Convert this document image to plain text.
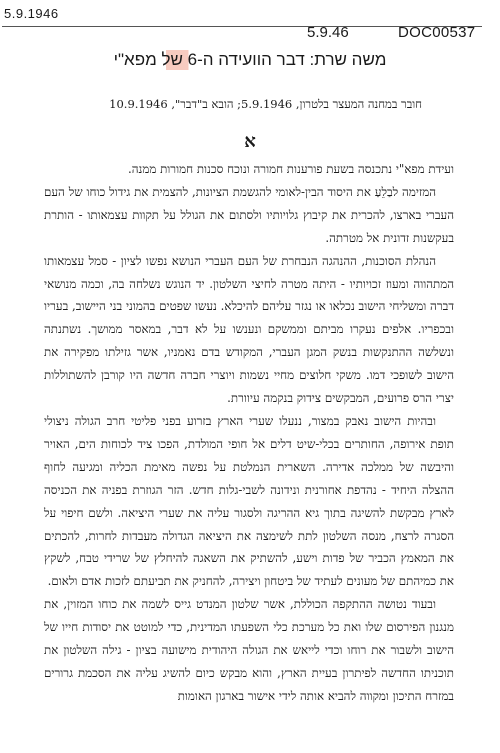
5.9.1946
5.9.46	DOC00537
משה שרת: דבר הוועידה ה-6 של מפא"י
חובר במחנה המעצר בלטרון, 5.9.1946; הובא ב"דבר", 10.9.1946
א

ועידת מפא"י נתכנסה בשעת פורענות חמורה ונוכח סכנות חמורות ממנה.

המזימה לבַלֵעַ את היסוד הבין-לאומי להגשמת הציונות, להצמית את גידול כוחו של העם העברי בארצו, להכרית את קיבוץ גלויותיו ולסתום את הגולל על תקוות עצמאותו - הותרת בעקשנות זדונית אל מטרתה.

הנהלת הסוכנות, ההנהגה הנבחרת של העם העברי הנושא נפשו לציון - סמל עצמאותו המתהווה ומעוז זכויותיו - היתה מטרה לחיצי השלטון. יד הנוגש נשלחה בה, וכמה מנושאי דברה ומשליחי הישוב נכלאו או נגזר עליהם להיכלא. נעשו שפטים בהמוני בני היישוב, בעריו ובכפריו. אלפים נעקרו מביתם וממשקם ונענשו על לא דבר, במאסר ממושך. נשתנתה ונשלשה ההתנקשות בנשק המגן העברי, המקודש בדם נאמניו, אשר גזילתו מפקירה את הישוב לשופכי דמו. משקי חלוצים מחיי נשמות ויוצרי חברה חדשה היו קורבן להשתוללות יצרי הרס פרועים, המבקשים צידוק בנקמה עיוורת.

ובהיות הישוב נאבק במצור, ננעלו שערי הארץ בזרוע בפני פליטי חרב הגולה ניצולי תופת אירופה, החותרים בכלי-שיט דלים אל חופי המולדת, הפכו ציד לכוחות הים, האויר והיבשה של ממלכה אדירה. השארית הנמלטת על נפשה מאימת הכליה ומגיעה לחוף ההצלה היחיד - נהדפת אחורנית ונידונה לשבי-גלות חדש. הזר הגוזרת בפניה את הכניסה לארץ מבקשת להשיגה בתוך גיא ההריגה ולסגור עליה את שערי היציאה. ולשם חיפוי על הסגרה לרצח, מנסה השלטון לתת לשימצה את היציאה הגדולה מעבדות לחרות, להכתים את המאמץ הכביר של פדות וישע, להשתיק את השאגה להיחלץ של שרידי טבח, לשקץ את כמיהתם של מעונים לעתיד של ביטחון ויצירה, להחניק את תביעתם לזכות אדם ולאום.

ובעוד נטושה ההתקפה הכוללת, אשר שלטון המנדט גייס לשמה את כוחו המזוין, את מנגנון הפירסום שלו ואת כל מערכת כלי השפעתו המדינית, כדי למוטט את יסודות חייו של הישוב ולשבור את רוחו וכדי לייאש את הגולה היהודית מישועה בציון - גילה השלטון את תוכניתו החדשה לפיתרון בעיית הארץ, והוא מבקש כיום להשיג עליה את הסכמת גרורים במזרח התיכון ומקווה להביא אותה לידי אישור בארגון האומות
